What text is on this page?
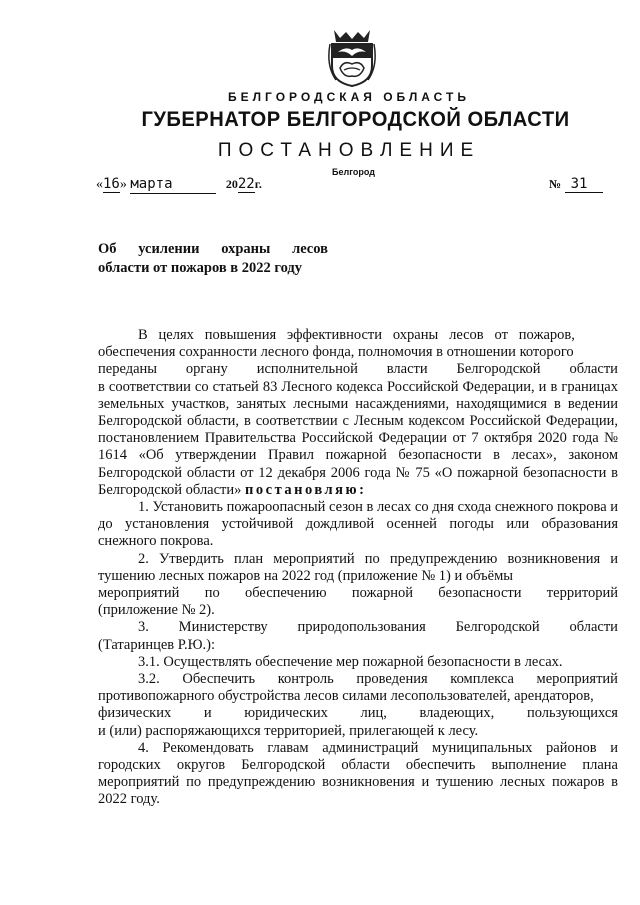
БЕЛГОРОДСКАЯ ОБЛАСТЬ
ГУБЕРНАТОР БЕЛГОРОДСКОЙ ОБЛАСТИ
ПОСТАНОВЛЕНИЕ
Белгород
«16» марта	2022г.	№ 31
Об усилении охраны лесов
области от пожаров в 2022 году
В   целях   повышения   эффективности   охраны   лесов   от   пожаров,
обеспечения сохранности лесного фонда, полномочия в отношении которого
переданы органу исполнительной власти Белгородской области
в соответствии со статьей 83 Лесного кодекса Российской Федерации, и в границах земельных участков, занятых лесными насаждениями, находящимися в ведении Белгородской области, в соответствии с Лесным кодексом Российской Федерации, постановлением Правительства Российской Федерации от 7 октября 2020 года № 1614 «Об утверждении Правил пожарной безопасности в лесах», законом Белгородской области от 12 декабря 2006 года № 75 «О пожарной безопасности в Белгородской области» постановляю:
1. Установить пожароопасный сезон в лесах со дня схода снежного покрова и до установления устойчивой дождливой осенней погоды или образования снежного покрова.
2. Утвердить план мероприятий по предупреждению возникновения и тушению лесных пожаров на 2022 год (приложение № 1) и объёмы
мероприятий по обеспечению пожарной безопасности территорий
(приложение № 2).
3. Министерству природопользования Белгородской области
(Татаринцев Р.Ю.):
3.1. Осуществлять обеспечение мер пожарной безопасности в лесах.
3.2. Обеспечить контроль проведения комплекса мероприятий
противопожарного обустройства лесов силами лесопользователей, арендаторов,
физических и юридических лиц, владеющих, пользующихся
и (или) распоряжающихся территорией, прилегающей к лесу.
4. Рекомендовать главам администраций муниципальных районов и городских округов Белгородской области обеспечить выполнение плана мероприятий по предупреждению возникновения и тушению лесных пожаров в 2022 году.
